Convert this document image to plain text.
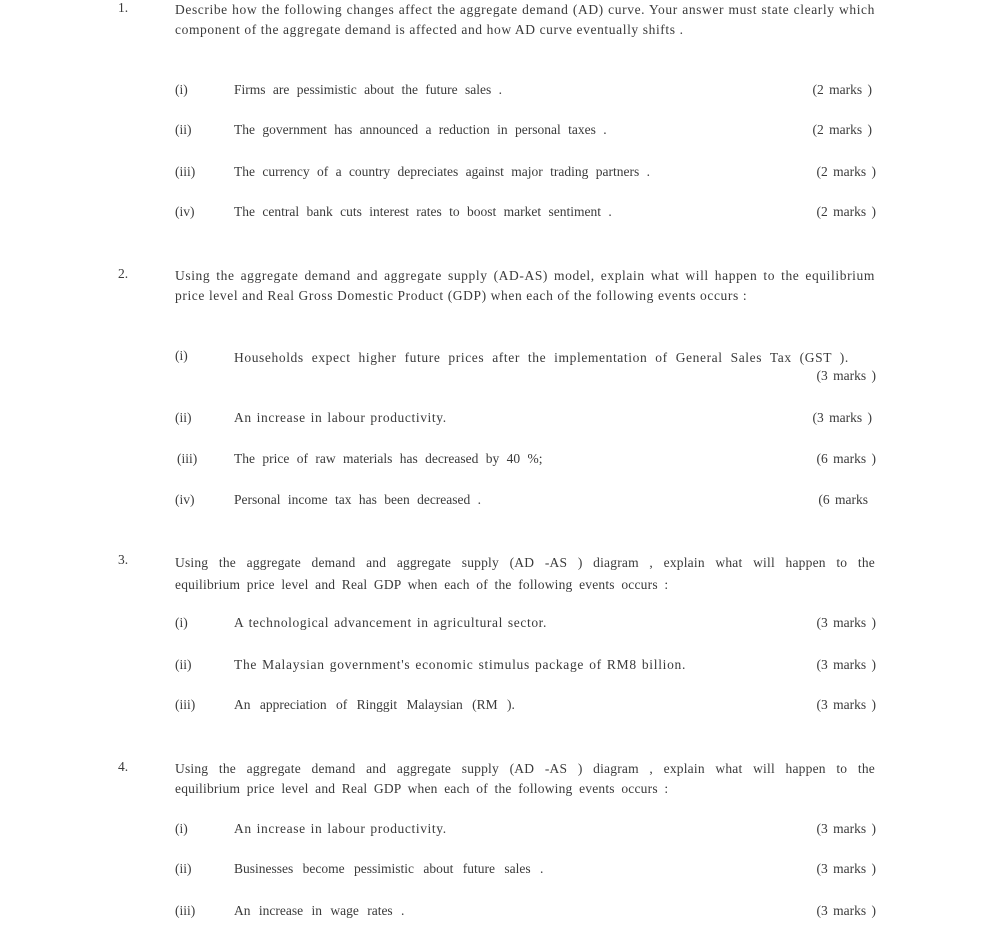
1.	Describe how the following changes affect the aggregate demand (AD) curve. Your answer must state clearly which component of the aggregate demand is affected and how AD curve eventually shifts .
(i)	Firms are pessimistic about the future sales .	(2 marks )
(ii)	The government has announced a reduction in personal taxes .	(2 marks )
(iii)	The currency of a country depreciates against major trading partners .	(2 marks )
(iv)	The central bank cuts interest rates to boost market sentiment .	(2 marks )
2.	Using the aggregate demand and aggregate supply (AD-AS) model, explain what will happen to the equilibrium price level and Real Gross Domestic Product (GDP) when each of the following events occurs :
(i)	Households expect higher future prices after the implementation of General Sales Tax (GST ).
(3 marks )
(ii)	An increase in labour productivity.	(3 marks )
(iii)	The price of raw materials has decreased by 40 %;	(6 marks )
(iv)	Personal income tax has been decreased .	(6 marks
3.	Using the aggregate demand and aggregate supply (AD -AS ) diagram , explain what will happen to the equilibrium price level and Real GDP when each of the following events occurs :
(i)	A technological advancement in agricultural sector.	(3 marks )
(ii)	The Malaysian government's economic stimulus package of RM8 billion.	(3 marks )
(iii)	An appreciation of Ringgit Malaysian (RM ).	(3 marks )
4.	Using the aggregate demand and aggregate supply (AD -AS ) diagram , explain what will happen to the equilibrium price level and Real GDP when each of the following events occurs :
(i)	An increase in labour productivity.	(3 marks )
(ii)	Businesses become pessimistic about future sales .	(3 marks )
(iii)	An increase in wage rates .	(3 marks )
